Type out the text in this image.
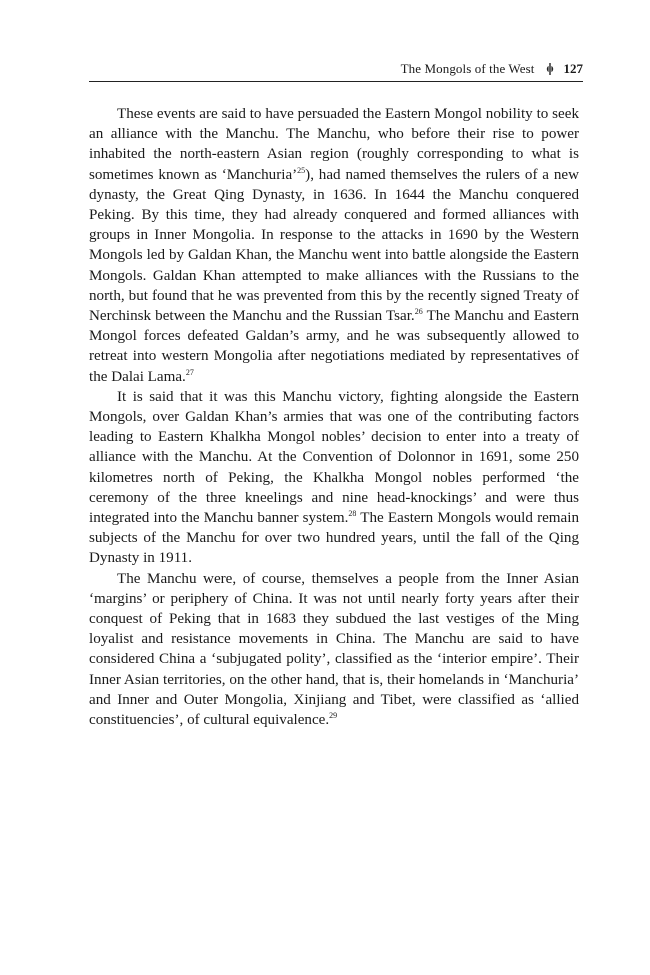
The Mongols of the West 127

These events are said to have persuaded the Eastern Mongol nobility to seek an alliance with the Manchu. The Manchu, who before their rise to power inhabited the north-eastern Asian region (roughly corresponding to what is sometimes known as ‘Manchuria’$^{25}$), had named themselves the rulers of a new dynasty, the Great Qing Dynasty, in 1636. In 1644 the Manchu conquered Peking. By this time, they had already conquered and formed alliances with groups in Inner Mongolia. In response to the attacks in 1690 by the Western Mongols led by Galdan Khan, the Manchu went into battle alongside the Eastern Mongols. Galdan Khan attempted to make alliances with the Russians to the north, but found that he was prevented from this by the recently signed Treaty of Nerchinsk between the Manchu and the Russian Tsar.$^{26}$ The Manchu and Eastern Mongol forces defeated Galdan’s army, and he was subsequently allowed to retreat into western Mongolia after negotiations mediated by representatives of the Dalai Lama.$^{27}$

It is said that it was this Manchu victory, fighting alongside the Eastern Mongols, over Galdan Khan’s armies that was one of the contributing factors leading to Eastern Khalkha Mongol nobles’ decision to enter into a treaty of alliance with the Manchu. At the Convention of Dolonnor in 1691, some 250 kilometres north of Peking, the Khalkha Mongol nobles performed ‘the ceremony of the three kneelings and nine head-knockings’ and were thus integrated into the Manchu banner system.$^{28}$ The Eastern Mongols would remain subjects of the Manchu for over two hundred years, until the fall of the Qing Dynasty in 1911.

The Manchu were, of course, themselves a people from the Inner Asian ‘margins’ or periphery of China. It was not until nearly forty years after their conquest of Peking that in 1683 they subdued the last vestiges of the Ming loyalist and resistance movements in China. The Manchu are said to have considered China a ‘subjugated polity’, classified as the ‘interior empire’. Their Inner Asian territories, on the other hand, that is, their homelands in ‘Manchuria’ and Inner and Outer Mongolia, Xinjiang and Tibet, were classified as ‘allied constituencies’, of cultural equivalence.$^{29}$
